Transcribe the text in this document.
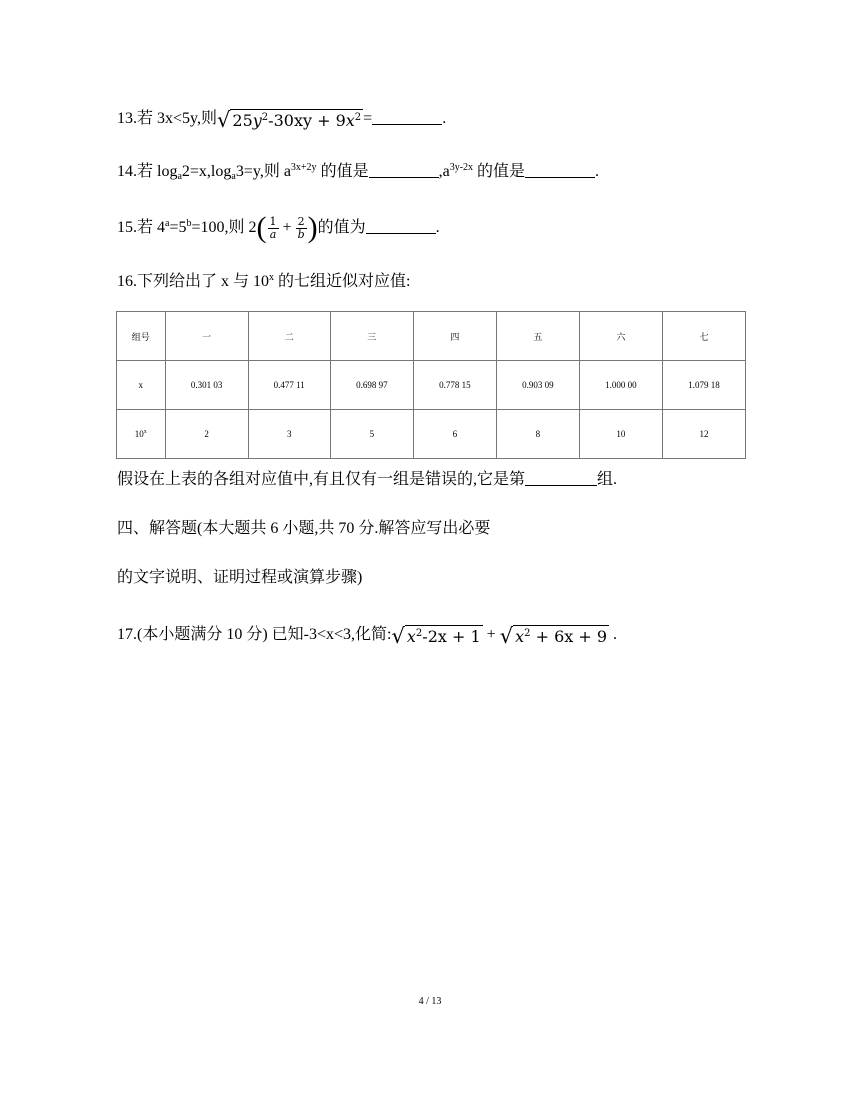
13.若 3x<5y,则 √ $25y^2-30xy + 9x^2$ =	.
14.若 $\log_a2=x,\log_a3=y$,则 $a^{3x+2y}$ 的值是	$,a^{3y-2x}$ 的值是	.
15.若 $4^a=5^b=100$,则 $2( \frac{1}{a} + \frac{2}{b}$ )的值为	.
16.下列给出了 x 与 10$^x$ 的七组近似对应值:
组号	一	二	三	四	五	六	七
x	0.301 03	0.477 11	0.698 97	0.778 15	0.903 09	1.000 00	1.079 18
10$^x$	2	3	5	6	8	10	12
假设在上表的各组对应值中,有且仅有一组是错误的,它是第	组.
四、解答题(本大题共 6 小题,共 70 分.解答应写出必要
的文字说明、证明过程或演算步骤)
17.(本小题满分 10 分) 已知-3<x<3,化简: √ $x^2-2x + 1$ + √ $x^2 + 6x + 9$ .
4 / 13
